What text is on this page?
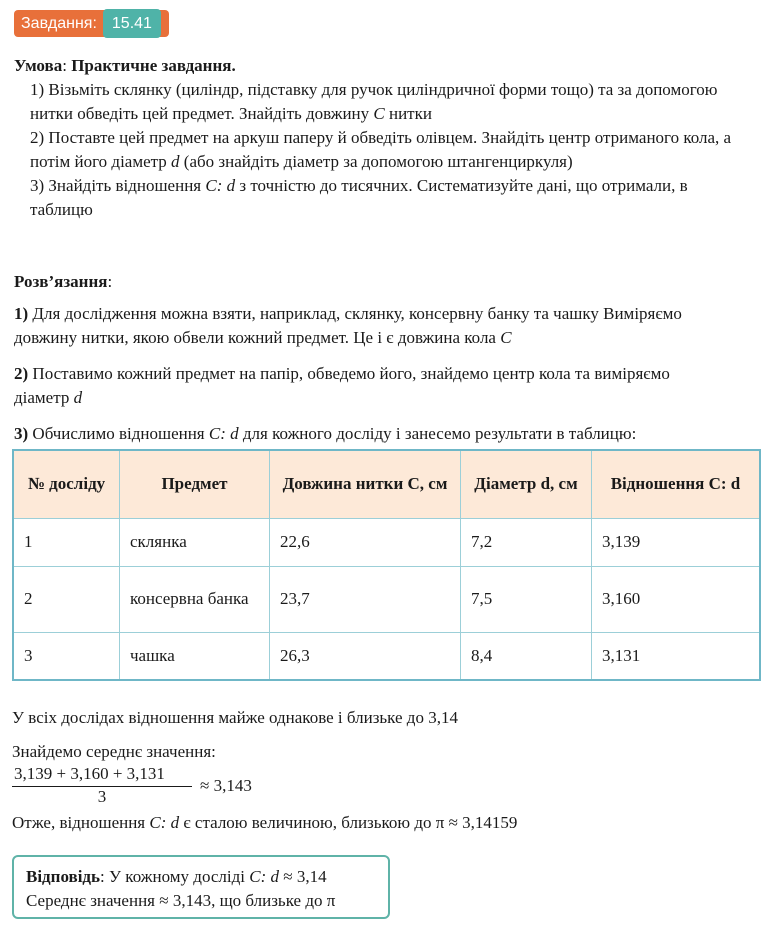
Завдання: 15.41
Умова: Практичне завдання.
1) Візьміть склянку (циліндр, підставку для ручок циліндричної форми тощо) та за допомогою нитки обведіть цей предмет. Знайдіть довжину C нитки
2) Поставте цей предмет на аркуш паперу й обведіть олівцем. Знайдіть центр отриманого кола, а потім його діаметр d (або знайдіть діаметр за допомогою штангенциркуля)
3) Знайдіть відношення C: d з точністю до тисячних. Систематизуйте дані, що отримали, в таблицю
Розв’язання:
1) Для дослідження можна взяти, наприклад, склянку, консервну банку та чашку Виміряємо довжину нитки, якою обвели кожний предмет. Це і є довжина кола C
2) Поставимо кожний предмет на папір, обведемо його, знайдемо центр кола та виміряємо діаметр d
3) Обчислимо відношення C: d для кожного досліду і занесемо результати в таблицю:
№ досліду	Предмет	Довжина нитки C, см	Діаметр d, см	Відношення C: d
1	склянка	22,6	7,2	3,139
2	консервна банка	23,7	7,5	3,160
3	чашка	26,3	8,4	3,131
У всіх дослідах відношення майже однакове і близьке до 3,14
Знайдемо середнє значення:
3,139 + 3,160 + 3,131
3
≈ 3,143
Отже, відношення C: d є сталою величиною, близькою до π ≈ 3,14159
Відповідь: У кожному досліді C: d ≈ 3,14
Середнє значення ≈ 3,143, що близьке до π
